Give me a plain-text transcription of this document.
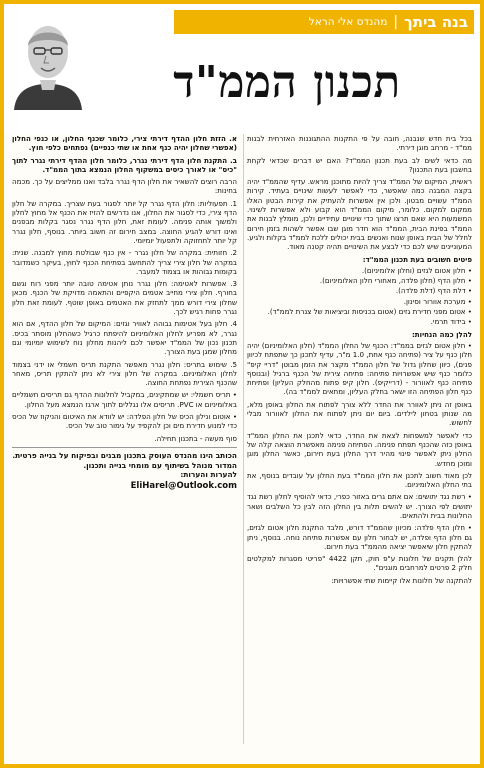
בנה ביתך
|
מהנדס אלי הראל
תכנון הממ"ד

בכל בית חדש שנבנה, חובה על פי התקנות ההתגוננות האזרחית לבנות ממ"ד - מרחב מוגן דירתי.

מה כדאי לשים לב בעת תכנון הממ"ד? האם יש דברים שכדאי לקחת בחשבון בעת התכנון?

ראשית, המיקום של הממ"ד צריך להיות מתוכנן מראש. עדיף שהממ"ד יהיה בקצה המבנה כמה שאפשר, כדי לאפשר לעשות שינויים בעתיד. קירות הממ"ד עשויים מבטון. ולכן אין אפשרות להעתיק את קירות הבטון האלו ממקום למקום. כלומר, מיקום הממ"ד הוא קבוע ולא אפשרות לשינוי. המשמעות היא שאם תרצו שתוך כדי שינויים עתידיים ולכן, מומלץ לבנות את הממ"ד בפינת הבית, הממ"ד הוא חדר מוגן שבו אפשר לשהות בזמן חירום לחלל של הבית באופן שנוח ואנשים בבית יכולים ללכת לממ"ד בקלות ולגיע. המעוניינים שיש לכם כדי לבצע את השינויים תהיה קטנה מאוד.

פיטים חשובים בעת תכנון הממ"ד:
• חלון אטום לגזים (וחלון אלומיניום).
• חלון הדף (חלון פלדה, מאחורי חלון האלומיניום).
• דלת הדף (דלת פלדה).
• מערכת אוורור וסינון.
• אטום מפני חדירת גזים (אטום בכניסות וביציאות של צנרת לממ"ד).
• בידוד תרמי.
להלן כמה הנחיות:

• חלון אטום לגזים בממ"ד: הכנף של החלון הממ"ד (חלון האלומיניום) יהיה חלון כנף על ציר (פתיחה כנף אחת, 1.0 מ"ר, עדיף לתכנן כך שתפתח לכיוון פנים), כיוון שחלון גדול של חלון הממ"ד מקצר את הזמן מבוטן "דריי קיפ" כלומר כנף שיש אפשרויות פתיחה: פתיחה צירית של הכנף ברגיל (ובנוסף פתיחה כנף לאוורור - (דרייקיפ). חלון קיפ פתוח מהחלק העליון) ופתיחת כנף חלון הפתיחה הזו ישאר בחלק העליון, ומתאים לממ"ד בה).

באופן זה ניתן לאוורר את החדר ללא צורך לפתוח את החלון באופן מלא, מה שנותן בטחון לילדים. ביום יום ניתן לפתוח את החלון לאוורור מבלי לחשוש.

כדי לאפשר למשפחות לצאת את החדר, כדאי לתכנן את החלון הממ"ד באופן כזה שהכנף תפתח פנימה. הפתיחה פנימה מאפשרת הוצאה קלה של החלון ניתן לאפשר פינוי מהיר דרך החלון בעת חירום, כאשר החלון מוגן ומוכן מחדש.

לכן מאוד חשוב לתכנן את חלון הממ"ד בעת החלון על עובדים בנוסף, את בתי החלון האלומיניום.

• רשת נגד יתושים: אם אתם גרים באזור כפרי, כדאי להוסיף לחלון רשת נגד יתושים לפי הצורך. יש להשים תלות בין החלון הזה לבין כל השלבים ושאר החלונות בבית ולהתאים.

• חלון הדף פלדה: מכיוון שהממ"ד דורש, מלבד התקנת חלון אטום לגזים, גם חלון הדף ופלדה, יש לבחור חלון עם אפשרות פתיחה נוחה. בנוסף, ניתן להתקין חלון שיאפשר יציאה מהממ"ד בעת חירום.

להלן תקנים של חלונות ע"פ חוק, תקן 4422 "פריטי מסגרות למקלטים חלק 2 פרטים למרחבים מוגנים".

להתקנה של חלונות אלו קיימות שתי אפשרויות:

א. הזזת חלון ההדף דירתי צירי, כלומר שכנף החלון, או כנפי החלון (אפשרי שחלון יהיה כנף אחת או שתי כנפיים) נפתחים כלפי חוץ.

ב. התקנת חלון הדף דירתי נגרר, כלומר חלון ההדף דירתי נגרר לתוך "כיס" או לאורך כיסים במשקוף החלון הנמצא בתוך הממ"ד.

הרבה רוצים להשאיר את חלון הדף נגרר בלבד ואנו ממליצים על כך. מכמה בחינות:

1. תפעוליות: חלון הדף נגרר קל יותר לסגור בעת שצריך. במקרה של חלון הדף צירי, כדי לסגור את החלון, אנו נדרשים להזיז את הכנף אל מחוץ לחלון ולמשוך אותה פנימה. לעומת זאת, חלון הדף נגרר נסגר בקלות מבפנים ואינו דורש להגיע החוצה. במצב חירום זה חשוב ביותר. בנוסף, חלון נגרר קל יותר לתחזוקה ולתפעול יומיומי.

2. חזותית: במקרה של חלון נגרר - אין כנף שבולטת מחוץ למבנה. שנית: במקרה של חלון צירי צריך להתחשב בפתיחת הכנף לחוץ, בעיקר כשמדובר בקומות גבוהות או בצמוד למעבר.

3. אפשרות לאטימה: חלון נגרר נותן אטימה טובה יותר מפני רוח וגשם בחורף. חלון צירי מחייב אטמים היקפיים והתאמה מדויקת של הכנף. מכאן שחלון צירי דורש ממך לתחזק את האטמים באופן שוטף. לעומת זאת חלון נגרר פחות רגיש לכך.

4. חלון בעל אטימות גבוהה לאוויר וגזים: המיקום של חלון ההדף, אם הוא נגרר, לא מפריע לחלון האלומיניום להיפתח כרגיל כשהחלון מוסתר בכיס. תכנון נכון של הממ"ד יאפשר לכם ליהנות מחלון נוח לשימוש יומיומי וגם מחלון שמגן בעת הצורך.

5. שימוש בתריס: חלון נגרר מאפשר התקנת תריס חשמלי או ידני בצמוד לחלון האלומיניום. במקרה של חלון צירי לא ניתן להתקין תריס, מאחר שהכנף הצירית נפתחת החוצה.

• תריס חשמלי: יש שמתקינים, במקביל לחלונות ההדף גם תריסים חשמליים באלומיניום או PVC. תריסים אלו נגללים לתוך ארגז הנמצא מעל החלון.

• אוטום ונילון הכיס של חלון הפלדה: יש לוודא את האיטום והניקוז של הכיס כדי למנוע חדירת מים וכן להקפיד על גימור טוב של הכיס.

סוף מעשה - בתכנון תחילה.

הכותב הינו מהנדס העוסק בתכנון מבנים ובפיקוח על בנייה פרטית.
המדור מנוהל בשיתוף עם מומחי בנייה ותכנון.
להערות והערות:
EliHarel@Outlook.com
